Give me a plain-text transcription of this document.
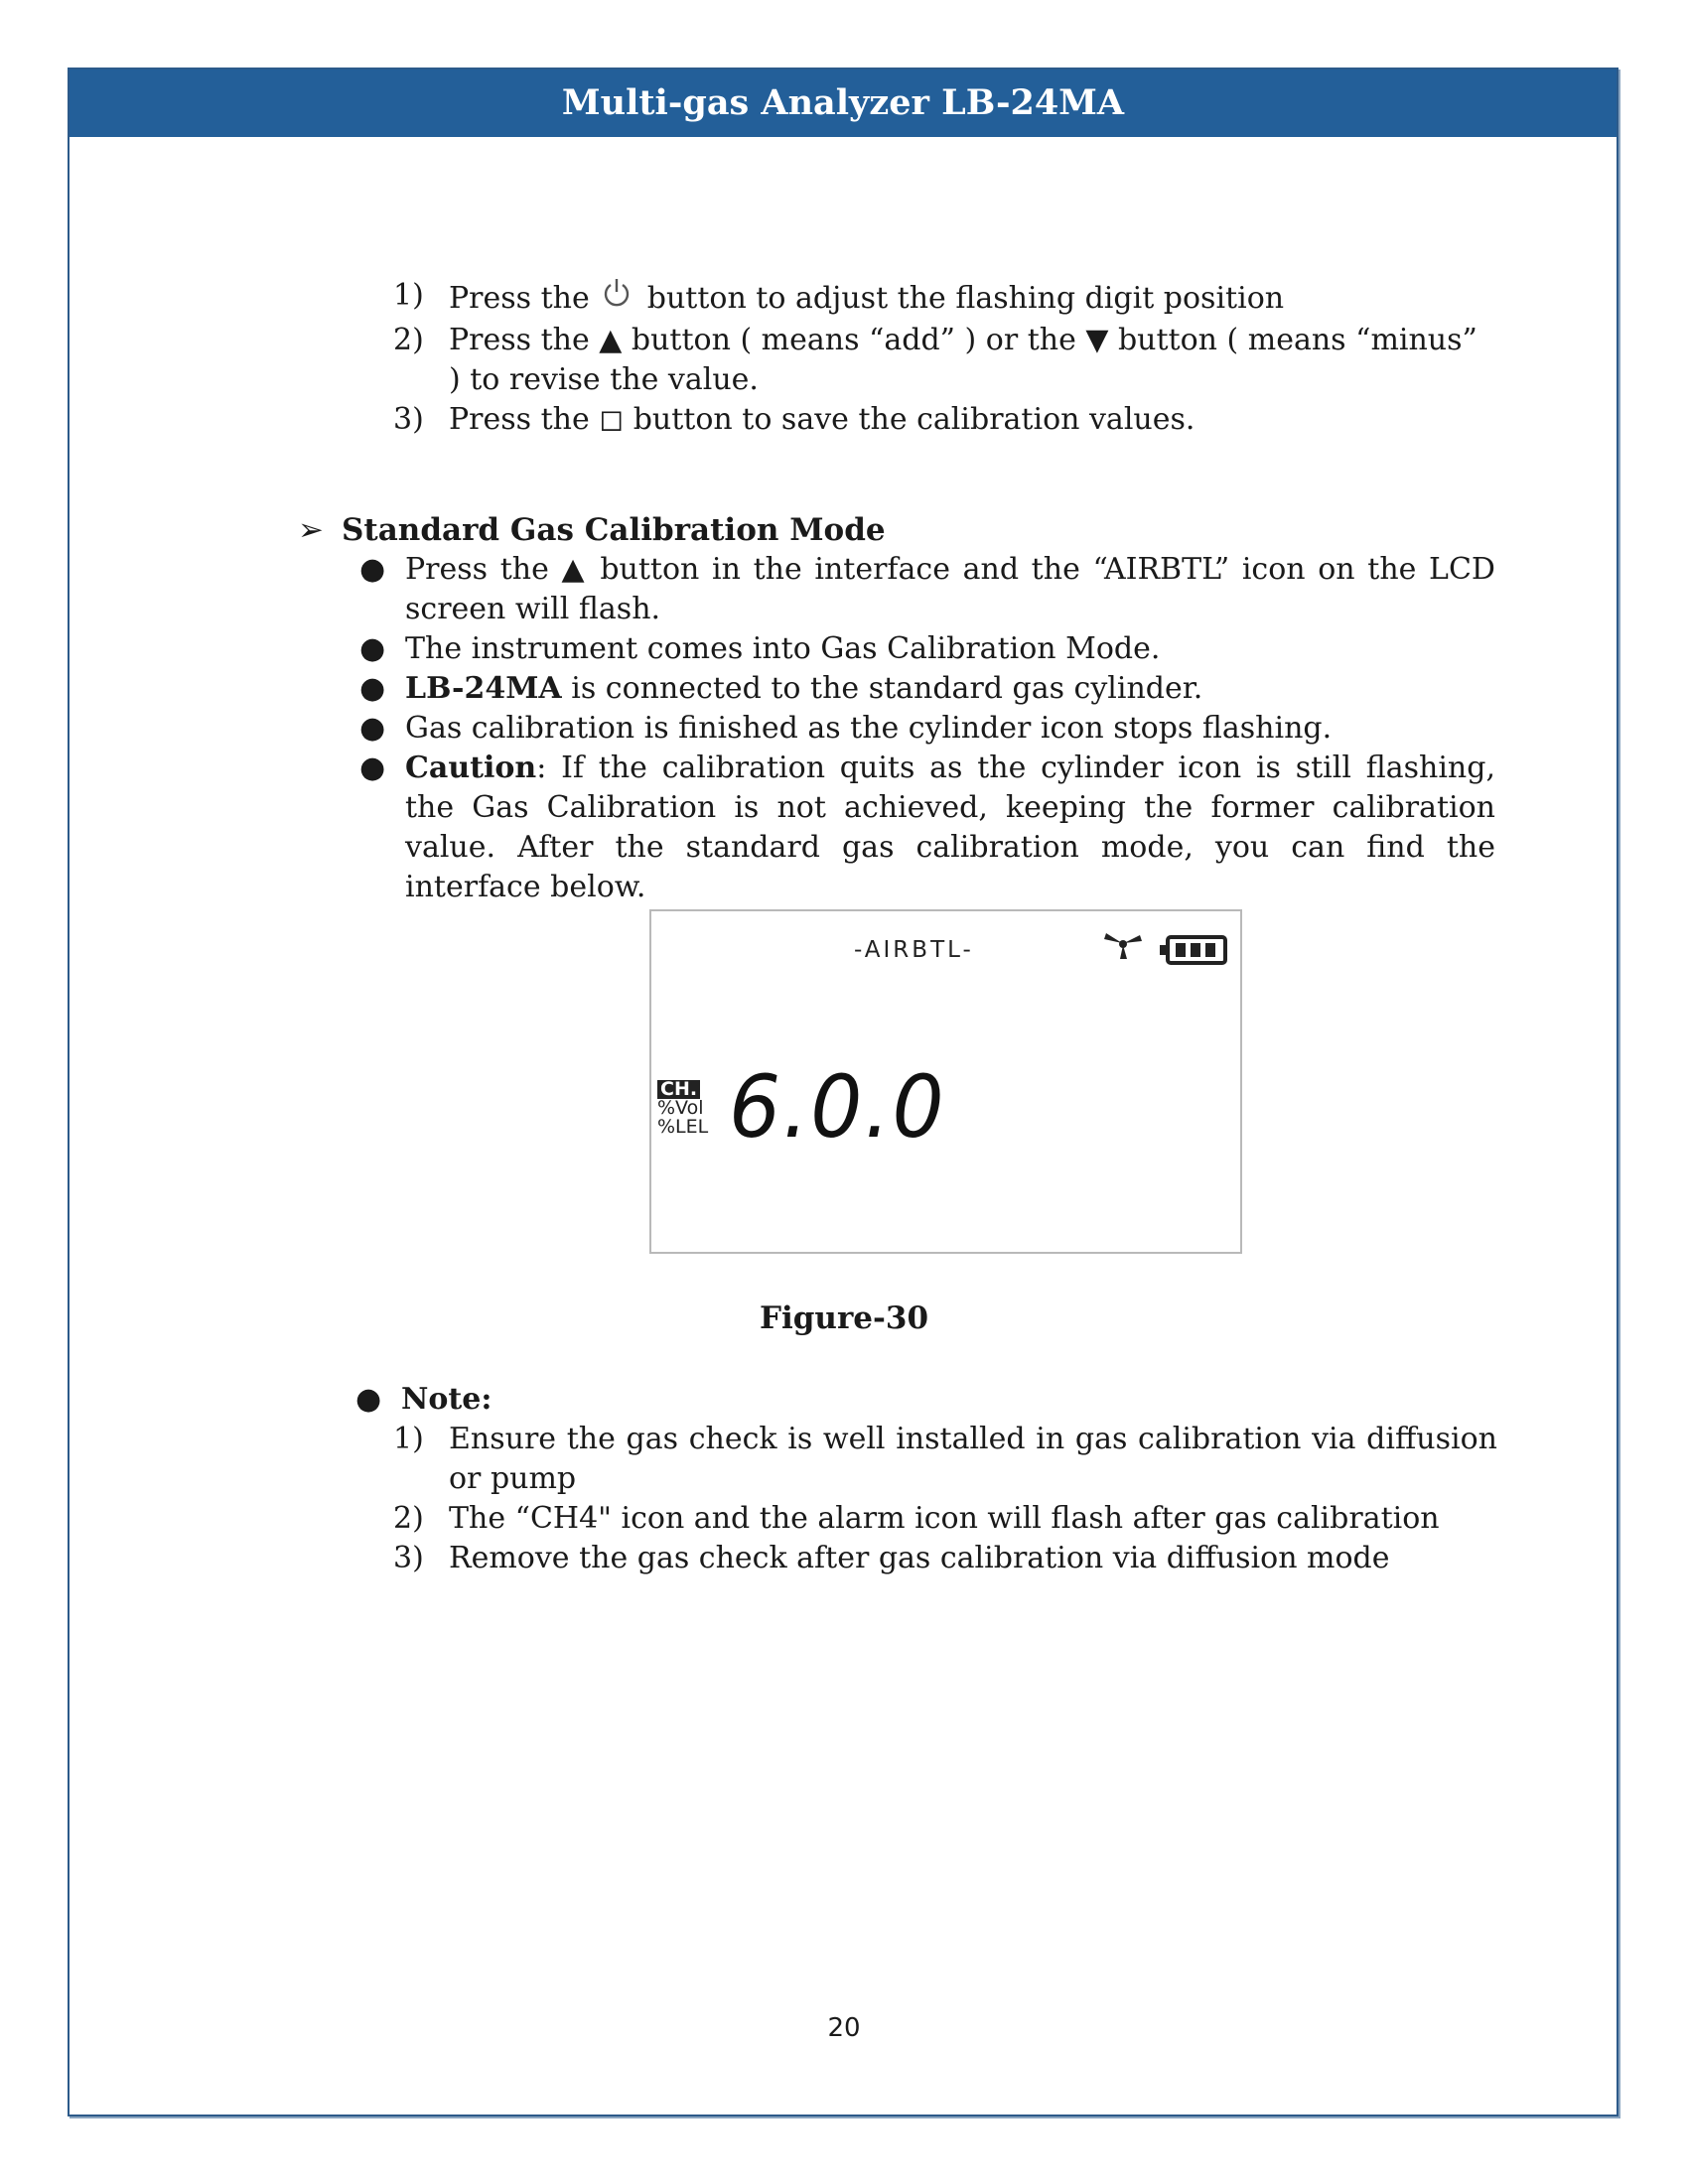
Multi-gas Analyzer LB-24MA
1) Press the button to adjust the flashing digit position
2) Press the ▲ button ( means “add” ) or the ▼ button ( means “minus” ) to revise the value.
3) Press the ◻ button to save the calibration values.
➢ Standard Gas Calibration Mode
● Press the ▲ button in the interface and the “AIRBTL” icon on the LCD screen will flash.
● The instrument comes into Gas Calibration Mode.
● LB-24MA is connected to the standard gas cylinder.
● Gas calibration is finished as the cylinder icon stops flashing.
● Caution: If the calibration quits as the cylinder icon is still flashing, the Gas Calibration is not achieved, keeping the former calibration value. After the standard gas calibration mode, you can find the interface below.
-AIRBTL-
CH.
%Vol
%LEL 6.0.0
Figure-30
● Note:
1) Ensure the gas check is well installed in gas calibration via diffusion or pump
2) The “CH4" icon and the alarm icon will flash after gas calibration
3) Remove the gas check after gas calibration via diffusion mode
20
